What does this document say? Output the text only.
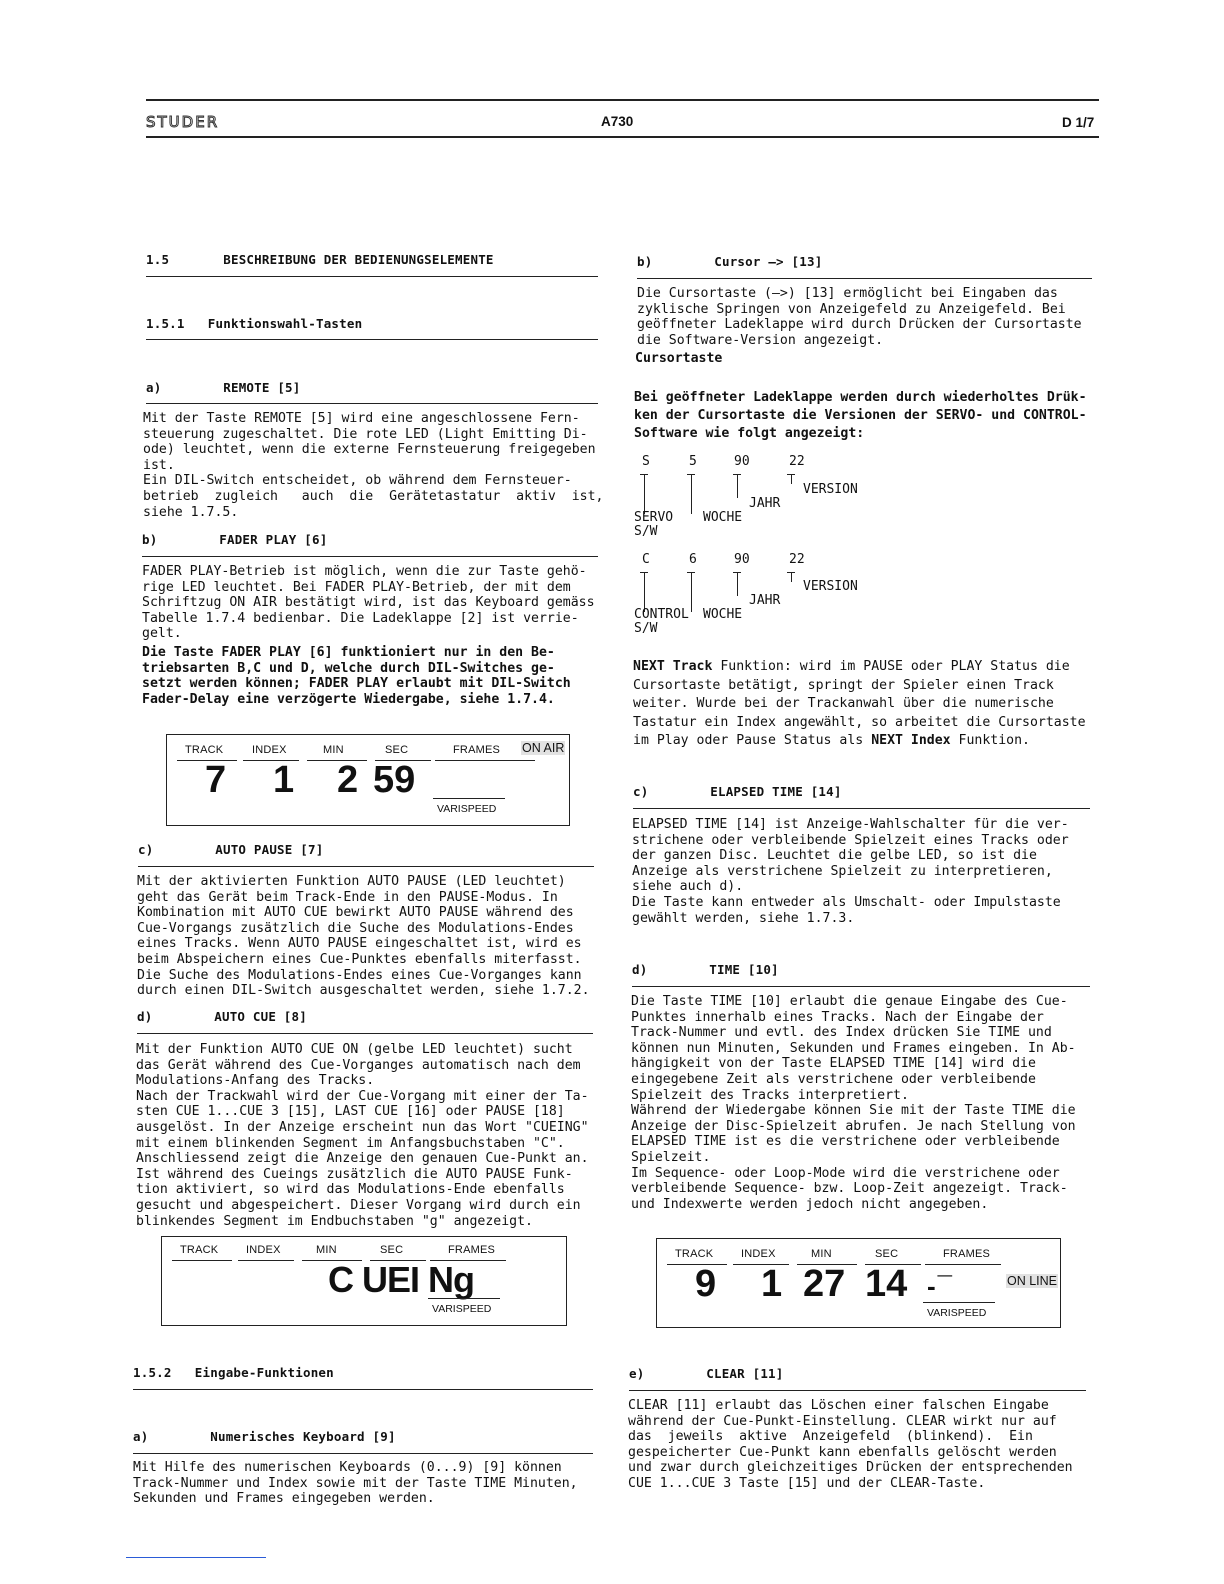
STUDER	A730	D 1/7
1.5       BESCHREIBUNG DER BEDIENUNGSELEMENTE
1.5.1   Funktionswahl-Tasten
a)        REMOTE [5]
Mit der Taste REMOTE [5] wird eine angeschlossene Fern-
steuerung zugeschaltet. Die rote LED (Light Emitting Di-
ode) leuchtet, wenn die externe Fernsteuerung freigegeben
ist.
Ein DIL-Switch entscheidet, ob während dem Fernsteuer-
betrieb  zugleich   auch  die  Gerätetastatur  aktiv  ist,
siehe 1.7.5.
b)        FADER PLAY [6]
FADER PLAY-Betrieb ist möglich, wenn die zur Taste gehö-
rige LED leuchtet. Bei FADER PLAY-Betrieb, der mit dem
Schriftzug ON AIR bestätigt wird, ist das Keyboard gemäss
Tabelle 1.7.4 bedienbar. Die Ladeklappe [2] ist verrie-
gelt.
Die Taste FADER PLAY [6] funktioniert nur in den Be-
triebsarten B,C und D, welche durch DIL-Switches ge-
setzt werden können; FADER PLAY erlaubt mit DIL-Switch
Fader-Delay eine verzögerte Wiedergabe, siehe 1.7.4.
TRACK	INDEX	MIN	SEC	FRAMES ON AIR
7 1 2 59
VARISPEED
c)        AUTO PAUSE [7]
Mit der aktivierten Funktion AUTO PAUSE (LED leuchtet)
geht das Gerät beim Track-Ende in den PAUSE-Modus. In
Kombination mit AUTO CUE bewirkt AUTO PAUSE während des
Cue-Vorgangs zusätzlich die Suche des Modulations-Endes
eines Tracks. Wenn AUTO PAUSE eingeschaltet ist, wird es
beim Abspeichern eines Cue-Punktes ebenfalls miterfasst.
Die Suche des Modulations-Endes eines Cue-Vorganges kann
durch einen DIL-Switch ausgeschaltet werden, siehe 1.7.2.
d)        AUTO CUE [8]
Mit der Funktion AUTO CUE ON (gelbe LED leuchtet) sucht
das Gerät während des Cue-Vorganges automatisch nach dem
Modulations-Anfang des Tracks.
Nach der Trackwahl wird der Cue-Vorgang mit einer der Ta-
sten CUE 1...CUE 3 [15], LAST CUE [16] oder PAUSE [18]
ausgelöst. In der Anzeige erscheint nun das Wort "CUEING"
mit einem blinkenden Segment im Anfangsbuchstaben "C".
Anschliessend zeigt die Anzeige den genauen Cue-Punkt an.
Ist während des Cueings zusätzlich die AUTO PAUSE Funk-
tion aktiviert, so wird das Modulations-Ende ebenfalls
gesucht und abgespeichert. Dieser Vorgang wird durch ein
blinkendes Segment im Endbuchstaben "g" angezeigt.
TRACK	INDEX	MIN	SEC	FRAMES
C UEI Ng
VARISPEED
1.5.2   Eingabe-Funktionen
a)        Numerisches Keyboard [9]
Mit Hilfe des numerischen Keyboards (0...9) [9] können
Track-Nummer und Index sowie mit der Taste TIME Minuten,
Sekunden und Frames eingegeben werden.
b)        Cursor —> [13]
Die Cursortaste (—>) [13] ermöglicht bei Eingaben das
zyklische Springen von Anzeigefeld zu Anzeigefeld. Bei
geöffneter Ladeklappe wird durch Drücken der Cursortaste
die Software-Version angezeigt.
Cursortaste
Bei geöffneter Ladeklappe werden durch wiederholtes Drük-
ken der Cursortaste die Versionen der SERVO- und CONTROL-
Software wie folgt angezeigt:
S	5	90	22
VERSION
JAHR
WOCHE
SERVO
S/W
C	6	90	22
VERSION
JAHR
WOCHE
CONTROL
S/W
NEXT Track Funktion: wird im PAUSE oder PLAY Status die
Cursortaste betätigt, springt der Spieler einen Track
weiter. Wurde bei der Trackanwahl über die numerische
Tastatur ein Index angewählt, so arbeitet die Cursortaste
im Play oder Pause Status als NEXT Index Funktion.
c)        ELAPSED TIME [14]
ELAPSED TIME [14] ist Anzeige-Wahlschalter für die ver-
strichene oder verbleibende Spielzeit eines Tracks oder
der ganzen Disc. Leuchtet die gelbe LED, so ist die
Anzeige als verstrichene Spielzeit zu interpretieren,
siehe auch d).
Die Taste kann entweder als Umschalt- oder Impulstaste
gewählt werden, siehe 1.7.3.
d)        TIME [10]
Die Taste TIME [10] erlaubt die genaue Eingabe des Cue-
Punktes innerhalb eines Tracks. Nach der Eingabe der
Track-Nummer und evtl. des Index drücken Sie TIME und
können nun Minuten, Sekunden und Frames eingeben. In Ab-
hängigkeit von der Taste ELAPSED TIME [14] wird die
eingegebene Zeit als verstrichene oder verbleibende
Spielzeit des Tracks interpretiert.
Während der Wiedergabe können Sie mit der Taste TIME die
Anzeige der Disc-Spielzeit abrufen. Je nach Stellung von
ELAPSED TIME ist es die verstrichene oder verbleibende
Spielzeit.
Im Sequence- oder Loop-Mode wird die verstrichene oder
verbleibende Sequence- bzw. Loop-Zeit angezeigt. Track-
und Indexwerte werden jedoch nicht angegeben.
TRACK	INDEX	MIN	SEC	FRAMES
9 1 27 14 -¯	ON LINE
VARISPEED
e)        CLEAR [11]
CLEAR [11] erlaubt das Löschen einer falschen Eingabe
während der Cue-Punkt-Einstellung. CLEAR wirkt nur auf
das  jeweils  aktive  Anzeigefeld  (blinkend).  Ein
gespeicherter Cue-Punkt kann ebenfalls gelöscht werden
und zwar durch gleichzeitiges Drücken der entsprechenden
CUE 1...CUE 3 Taste [15] und der CLEAR-Taste.
